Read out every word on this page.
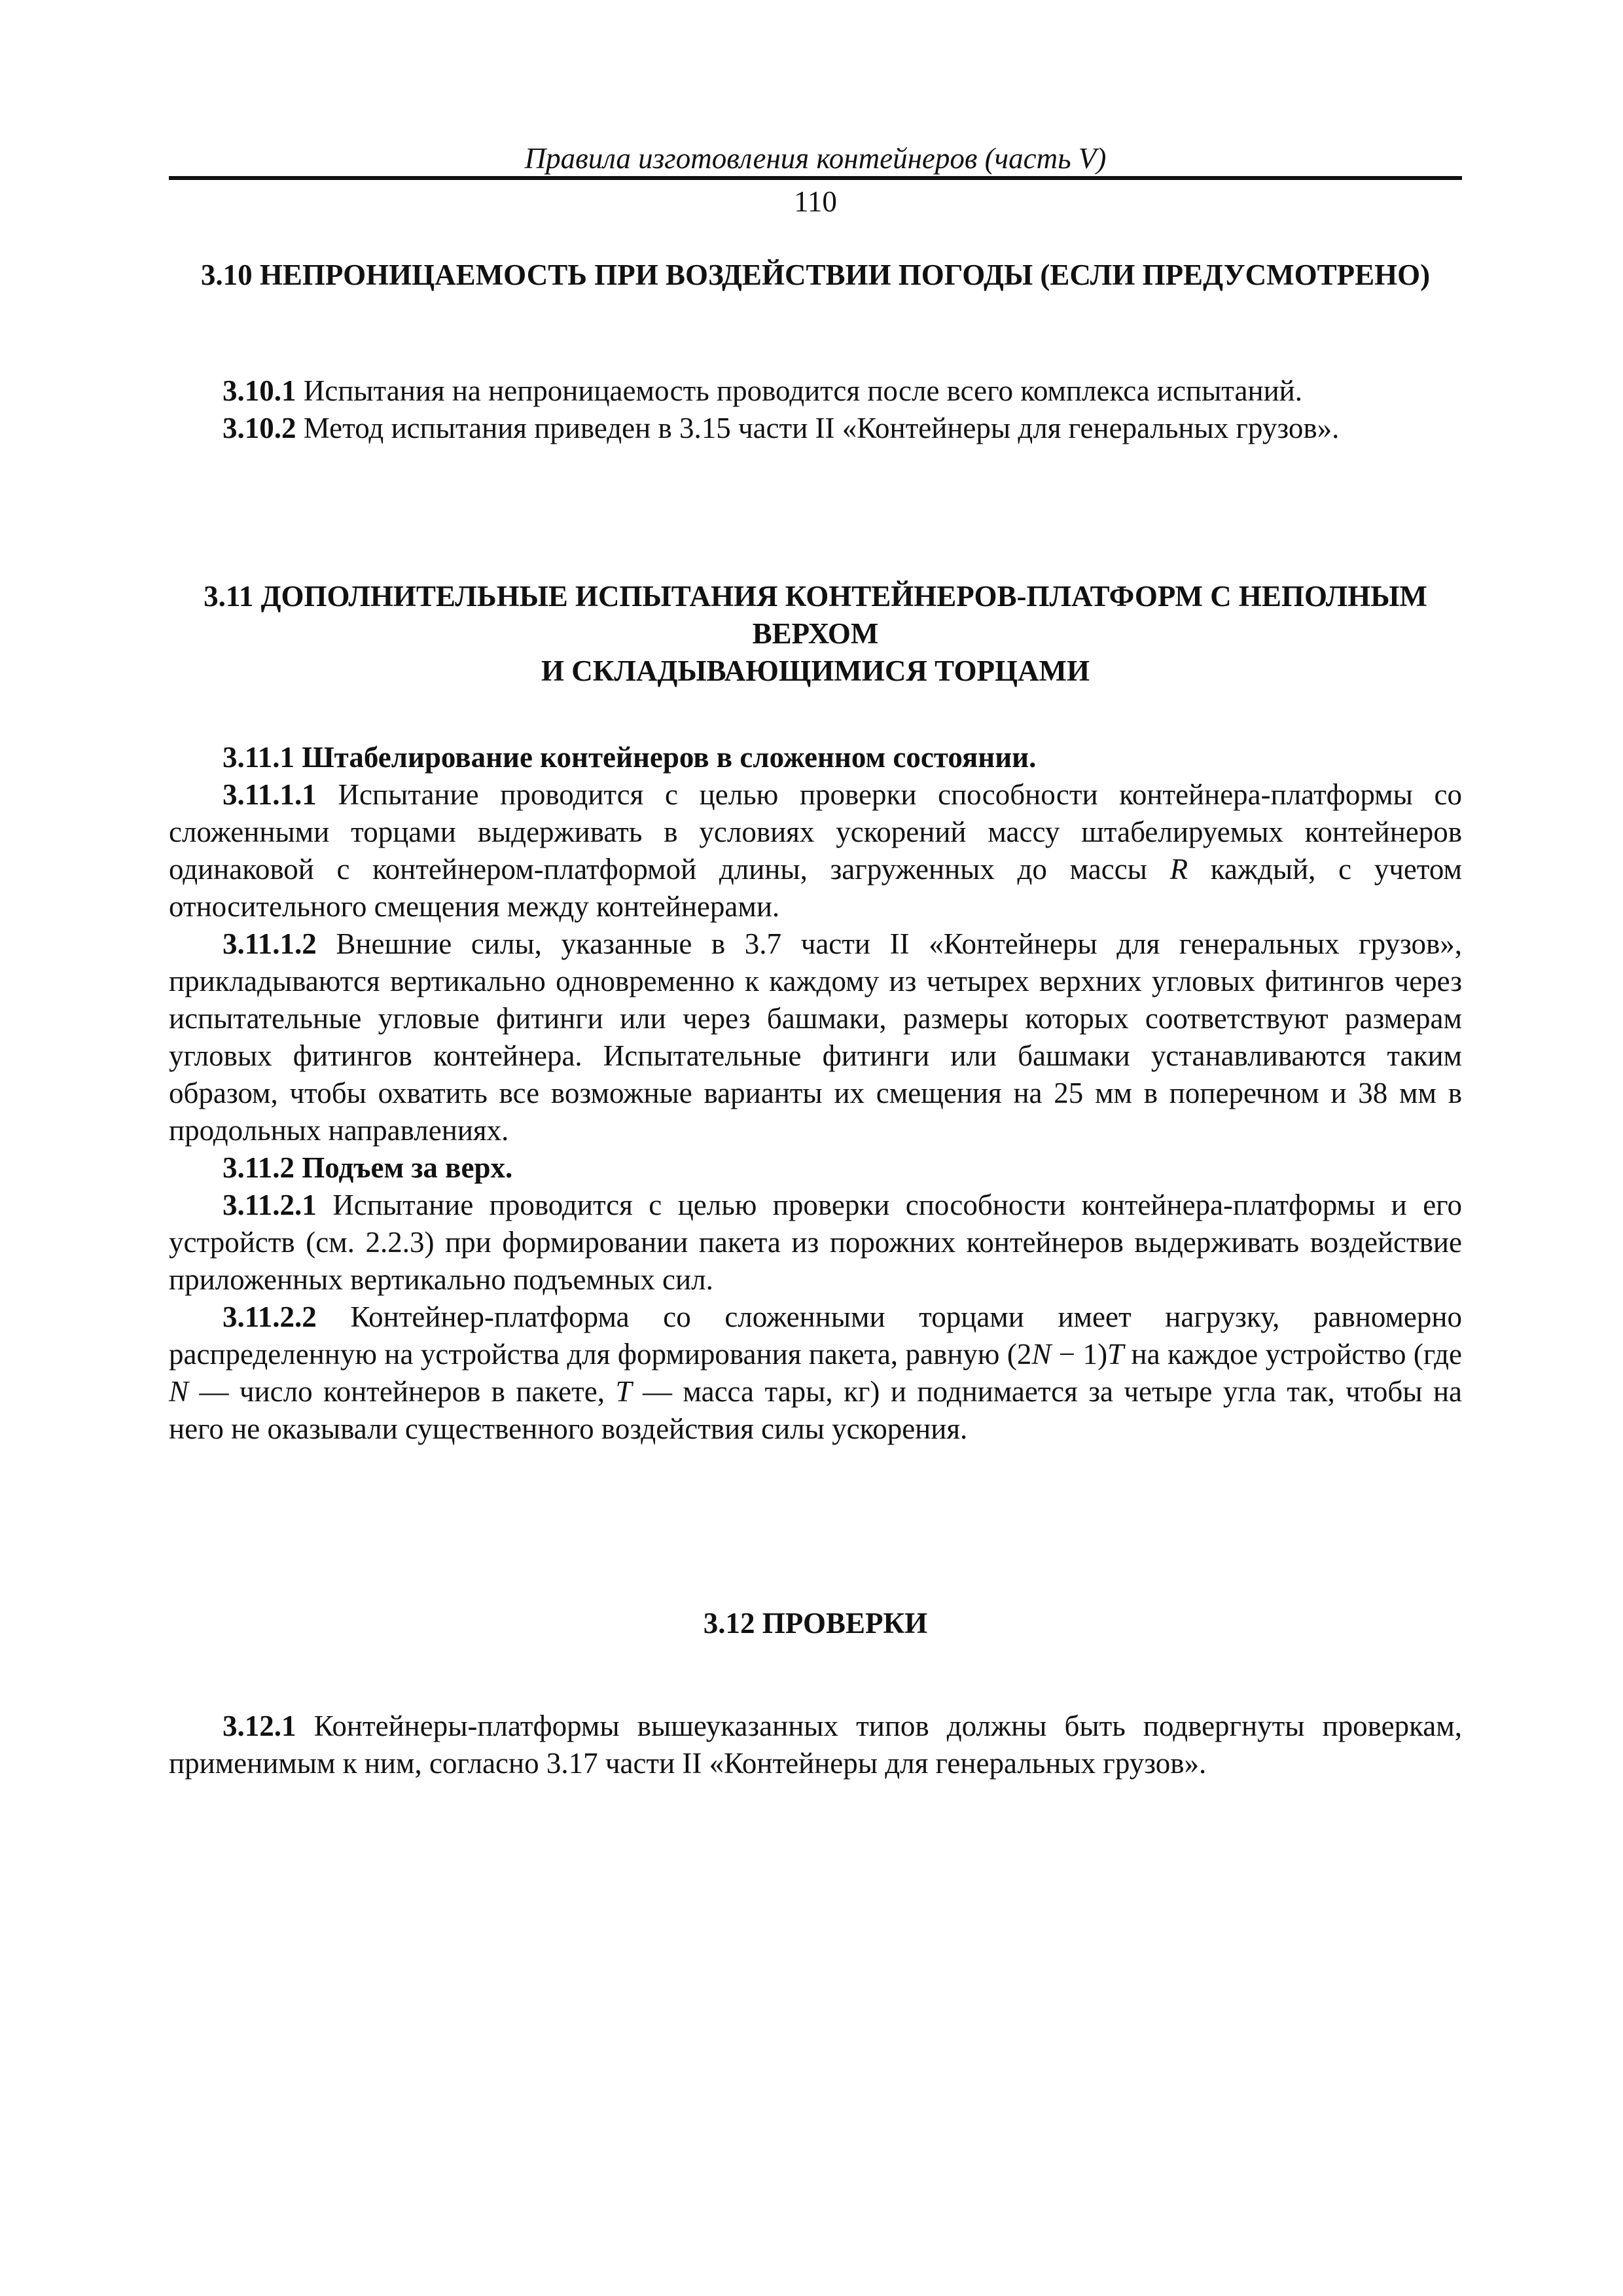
Правила изготовления контейнеров (часть V)
110

3.10 НЕПРОНИЦАЕМОСТЬ ПРИ ВОЗДЕЙСТВИИ ПОГОДЫ (ЕСЛИ ПРЕДУСМОТРЕНО)

3.10.1 Испытания на непроницаемость проводится после всего комплекса испытаний.

3.10.2 Метод испытания приведен в 3.15 части II «Контейнеры для генеральных грузов».

3.11 ДОПОЛНИТЕЛЬНЫЕ ИСПЫТАНИЯ КОНТЕЙНЕРОВ-ПЛАТФОРМ С НЕПОЛНЫМ ВЕРХОМ
И СКЛАДЫВАЮЩИМИСЯ ТОРЦАМИ

3.11.1 Штабелирование контейнеров в сложенном состоянии.

3.11.1.1 Испытание проводится с целью проверки способности контейнера-платформы со сложенными торцами выдерживать в условиях ускорений массу штабелируемых контейнеров одинаковой с контейнером-платформой длины, загруженных до массы R каждый, с учетом относительного смещения между контейнерами.

3.11.1.2 Внешние силы, указанные в 3.7 части II «Контейнеры для генеральных грузов», прикладываются вертикально одновременно к каждому из четырех верхних угловых фитингов через испытательные угловые фитинги или через башмаки, размеры которых соответствуют размерам угловых фитингов контейнера. Испытательные фитинги или башмаки устанавливаются таким образом, чтобы охватить все возможные варианты их смещения на 25 мм в поперечном и 38 мм в продольных направлениях.

3.11.2 Подъем за верх.

3.11.2.1 Испытание проводится с целью проверки способности контейнера-платформы и его устройств (см. 2.2.3) при формировании пакета из порожних контейнеров выдерживать воздействие приложенных вертикально подъемных сил.

3.11.2.2 Контейнер-платформа со сложенными торцами имеет нагрузку, равномерно распределенную на устройства для формирования пакета, равную (2N − 1)T на каждое устройство (где N — число контейнеров в пакете, T — масса тары, кг) и поднимается за четыре угла так, чтобы на него не оказывали существенного воздействия силы ускорения.

3.12 ПРОВЕРКИ

3.12.1 Контейнеры-платформы вышеуказанных типов должны быть подвергнуты проверкам, применимым к ним, согласно 3.17 части II «Контейнеры для генеральных грузов».
